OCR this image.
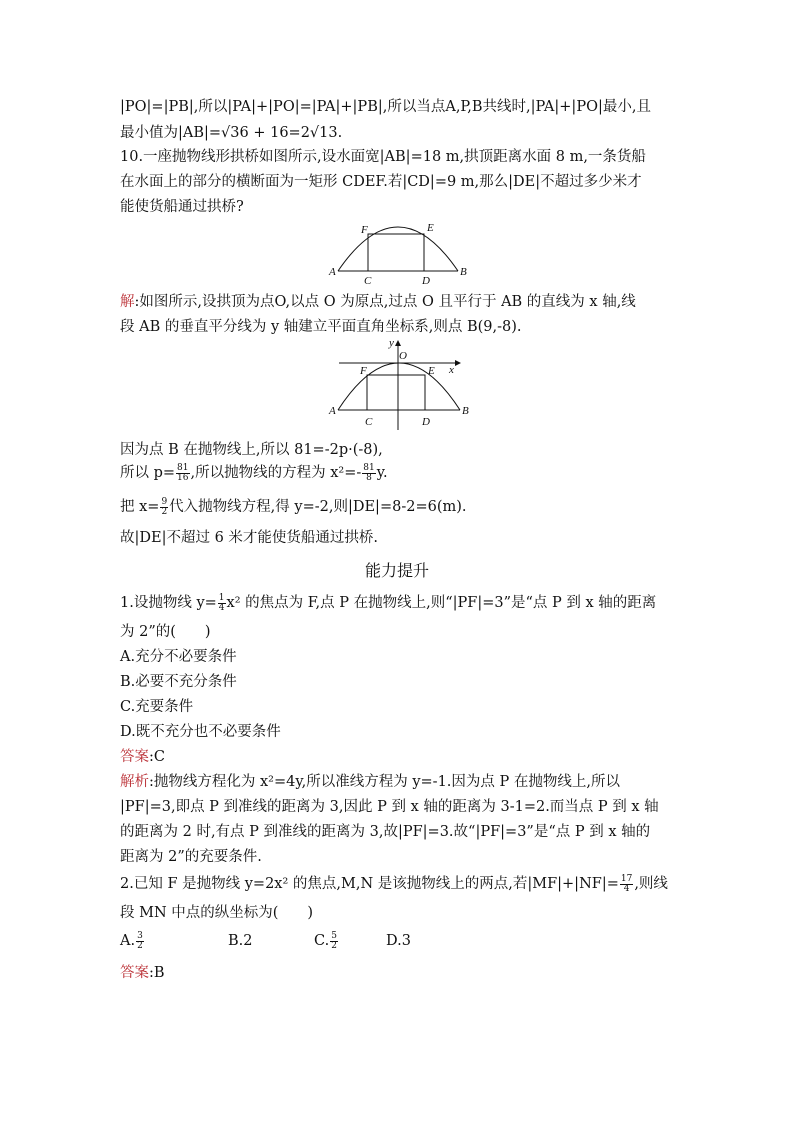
|PO|=|PB|,所以|PA|+|PO|=|PA|+|PB|,所以当点A,P,B共线时,|PA|+|PO|最小,且
最小值为|AB|=√36 + 16=2√13.
10.一座抛物线形拱桥如图所示,设水面宽|AB|=18 m,拱顶距离水面 8 m,一条货船
在水面上的部分的横断面为一矩形 CDEF.若|CD|=9 m,那么|DE|不超过多少米才
能使货船通过拱桥?
F	E
A	B
C	D
解:如图所示,设拱顶为点O,以点 O 为原点,过点 O 且平行于 AB 的直线为 x 轴,线
段 AB 的垂直平分线为 y 轴建立平面直角坐标系,则点 B(9,-8).
y
O
x
F	E
A	B
C	D
因为点 B 在抛物线上,所以 81=-2p·(-8),
所以 $p= \frac{81}{16}$ ,所以抛物线的方程为 $x^2=- \frac{81}{8} y$.
把 $x= \frac{9}{2}$ 代入抛物线方程,得 y=-2,则|DE|=8-2=6(m).
故|DE|不超过 6 米才能使货船通过拱桥.
能力提升
1.设抛物线 $y= \frac{1}{4} x^2$ 的焦点为 F,点 P 在抛物线上,则“|PF|=3”是“点 P 到 x 轴的距离
为 2”的(　　)
A.充分不必要条件
B.必要不充分条件
C.充要条件
D.既不充分也不必要条件
答案:C
解析:抛物线方程化为 x²=4y,所以准线方程为 y=-1.因为点 P 在抛物线上,所以
|PF|=3,即点 P 到准线的距离为 3,因此 P 到 x 轴的距离为 3-1=2.而当点 P 到 x 轴
的距离为 2 时,有点 P 到准线的距离为 3,故|PF|=3.故“|PF|=3”是“点 P 到 x 轴的
距离为 2”的充要条件.
2.已知 F 是抛物线 y=2x² 的焦点,M,N 是该抛物线上的两点,若$|MF|+|NF|= \frac{17}{4}$ ,则线
段 MN 中点的纵坐标为(　　)
A. $\frac{3}{2}$	B.2	C. $\frac{5}{2}$	D.3
答案:B
